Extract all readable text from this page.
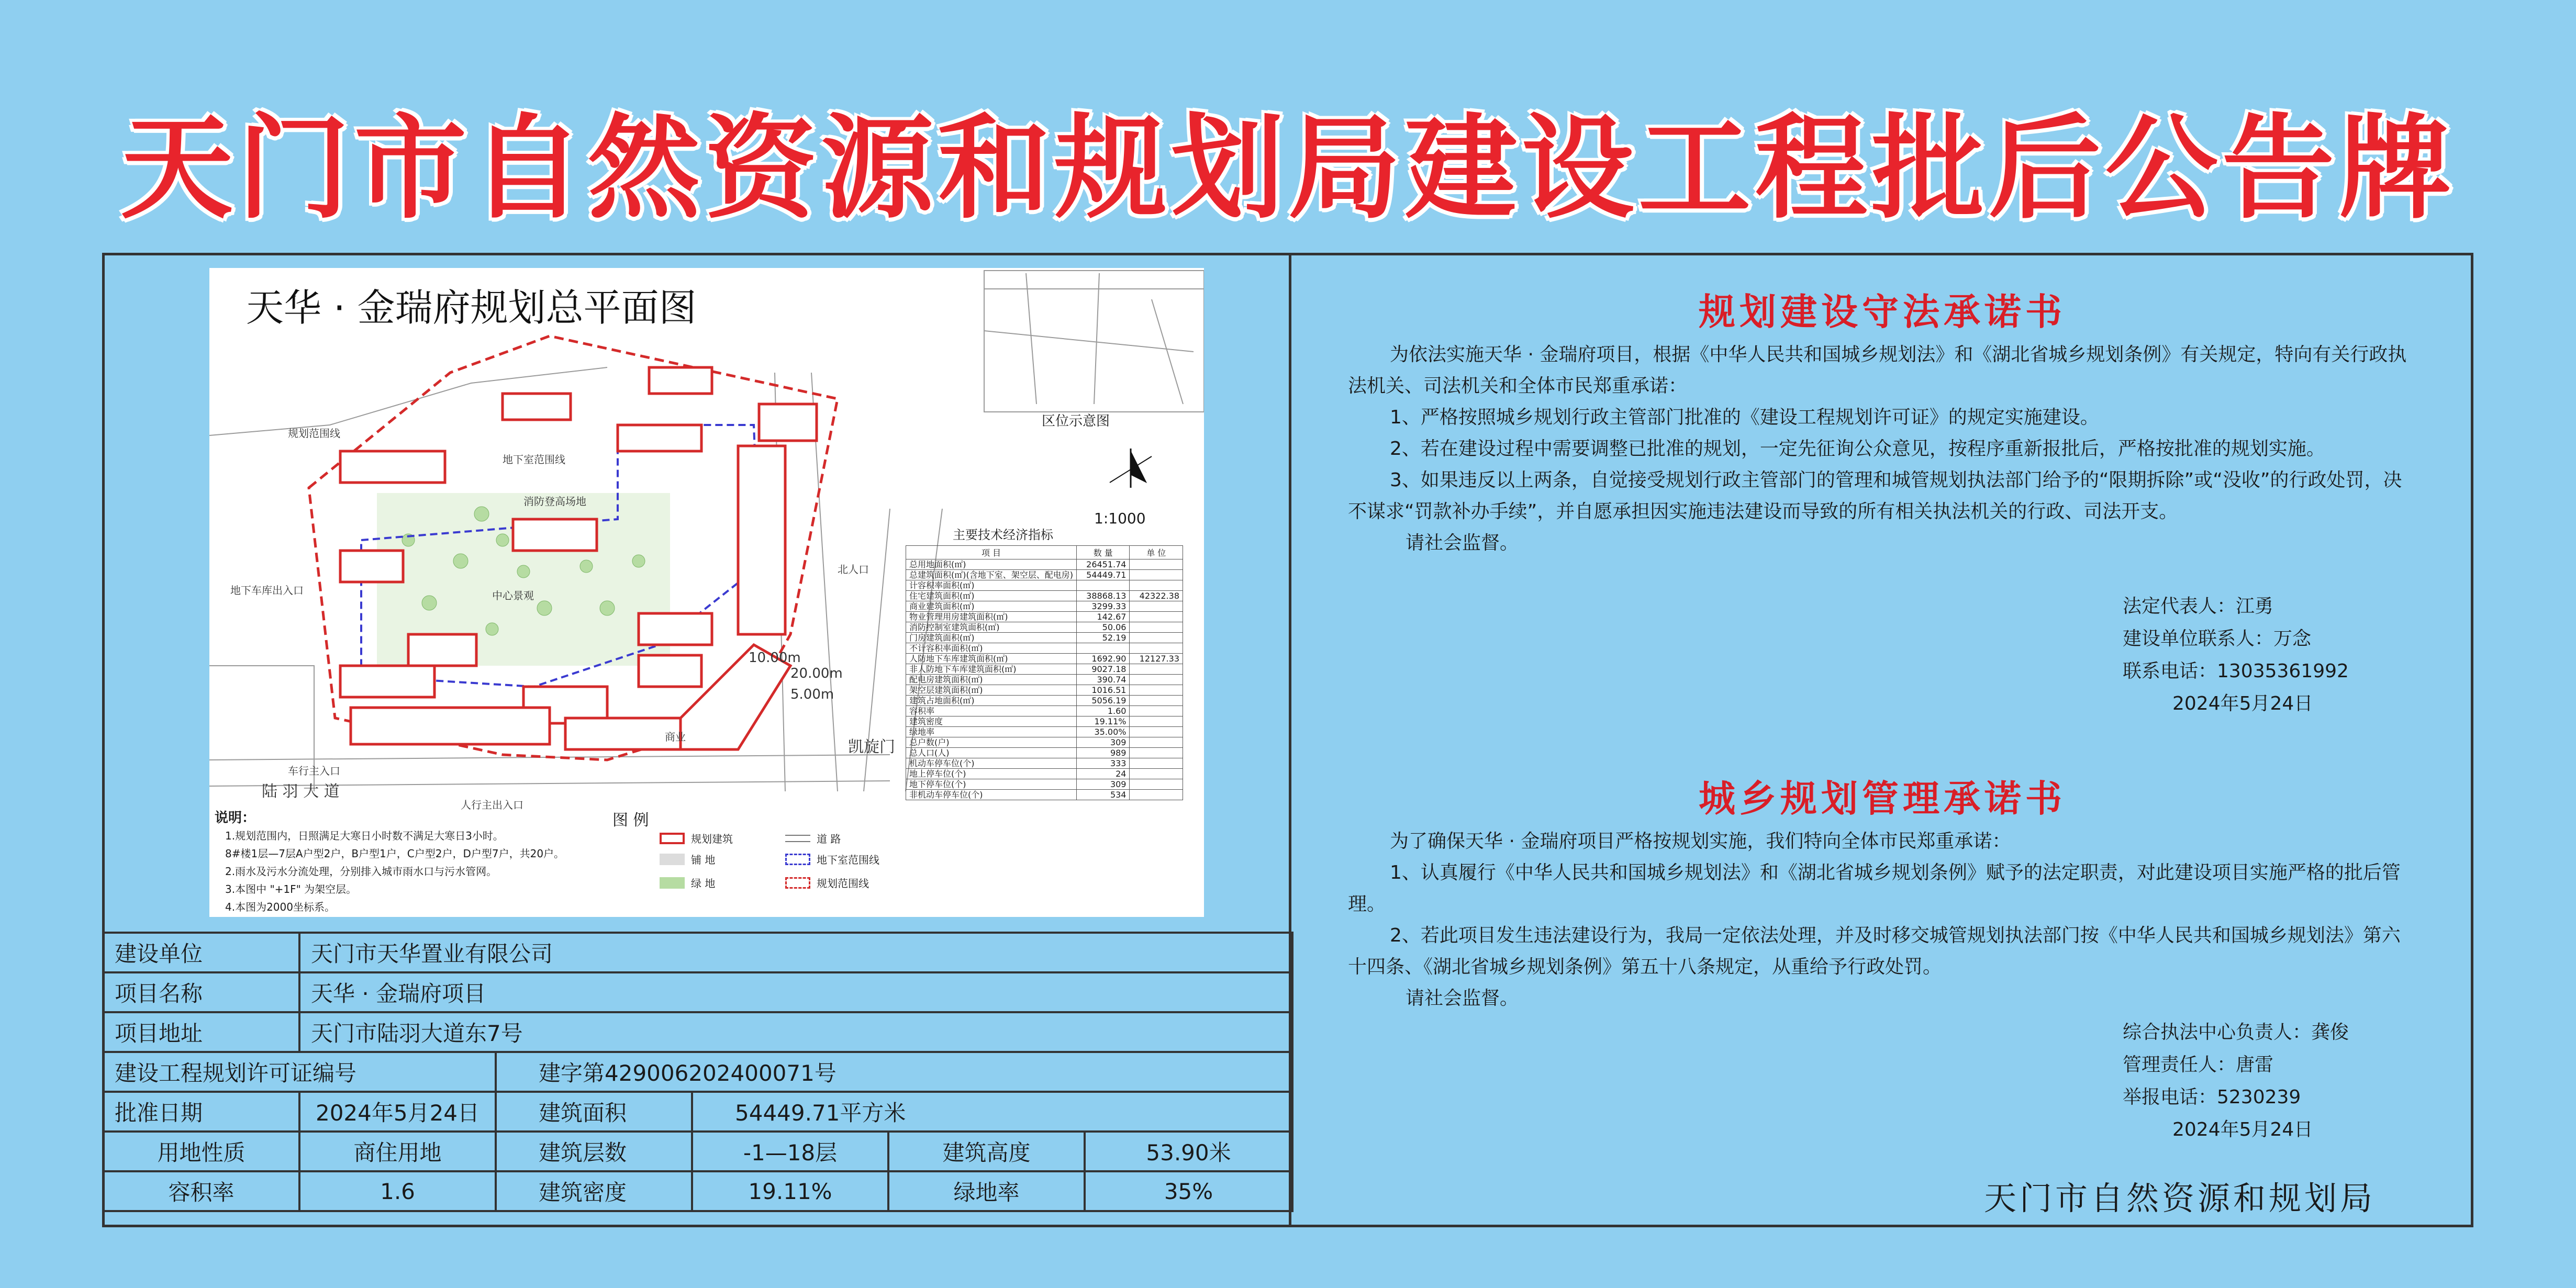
天门市自然资源和规划局建设工程批后公告牌
天华 · 金瑞府规划总平面图
区位示意图
1:1000
规划范围线
地下室范围线
消防登高场地
中心景观
商业
北人口
地下车库出入口
车行主入口
人行主出入口
凯旋门
陆 羽 大 道
20.00m
5.00m
10.00m
主要技术经济指标
项 目	数 量	单 位
总用地面积(㎡)	26451.74	
总建筑面积(㎡)(含地下室、架空层、配电房)	54449.71	
计容积率面积(㎡)		
住宅建筑面积(㎡)	38868.13	42322.38
商业建筑面积(㎡)	3299.33	
物业管理用房建筑面积(㎡)	142.67	
消防控制室建筑面积(㎡)	50.06	
门房建筑面积(㎡)	52.19	
不计容积率面积(㎡)		
人防地下车库建筑面积(㎡)	1692.90	12127.33
非人防地下车库建筑面积(㎡)	9027.18	
配电房建筑面积(㎡)	390.74	
架空层建筑面积(㎡)	1016.51	
建筑占地面积(㎡)	5056.19	
容积率	1.60	
建筑密度	19.11%	
绿地率	35.00%	
总户数(户)	309	
总人口(人)	989	
机动车停车位(个)	333	
地上停车位(个)	24	
地下停车位(个)	309	
非机动车停车位(个)	534	
说明：
1.规划范围内，日照满足大寒日小时数不满足大寒日3小时。
8#楼1层—7层A户型2户，B户型1户，C户型2户，D户型7户，共20户。
2.雨水及污水分流处理，分别排入城市雨水口与污水管网。
3.本图中 "+1F" 为架空层。
4.本图为2000坐标系。
图 例
规划建筑	道 路
铺 地	地下室范围线
绿 地	规划范围线
建设单位	天门市天华置业有限公司				
项目名称	天华 · 金瑞府项目				
项目地址	天门市陆羽大道东7号				
建设工程规划许可证编号		建字第429006202400071号			
批准日期	2024年5月24日	建筑面积	54449.71平方米		
用地性质	商住用地	建筑层数	-1—18层	建筑高度	53.90米
容积率	1.6	建筑密度	19.11%	绿地率	35%
规划建设守法承诺书

为依法实施天华 · 金瑞府项目，根据《中华人民共和国城乡规划法》和《湖北省城乡规划条例》有关规定，特向有关行政执法机关、司法机关和全体市民郑重承诺：

1、严格按照城乡规划行政主管部门批准的《建设工程规划许可证》的规定实施建设。

2、若在建设过程中需要调整已批准的规划，一定先征询公众意见，按程序重新报批后，严格按批准的规划实施。

3、如果违反以上两条，自觉接受规划行政主管部门的管理和城管规划执法部门给予的“限期拆除”或“没收”的行政处罚，决不谋求“罚款补办手续”，并自愿承担因实施违法建设而导致的所有相关执法机关的行政、司法开支。

请社会监督。

法定代表人：江勇
建设单位联系人：万念
联系电话：13035361992
2024年5月24日
城乡规划管理承诺书

为了确保天华 · 金瑞府项目严格按规划实施，我们特向全体市民郑重承诺：

1、认真履行《中华人民共和国城乡规划法》和《湖北省城乡规划条例》赋予的法定职责，对此建设项目实施严格的批后管理。

2、若此项目发生违法建设行为，我局一定依法处理，并及时移交城管规划执法部门按《中华人民共和国城乡规划法》第六十四条、《湖北省城乡规划条例》第五十八条规定，从重给予行政处罚。

请社会监督。

综合执法中心负责人：龚俊
管理责任人：唐雷
举报电话：5230239
2024年5月24日
天门市自然资源和规划局
